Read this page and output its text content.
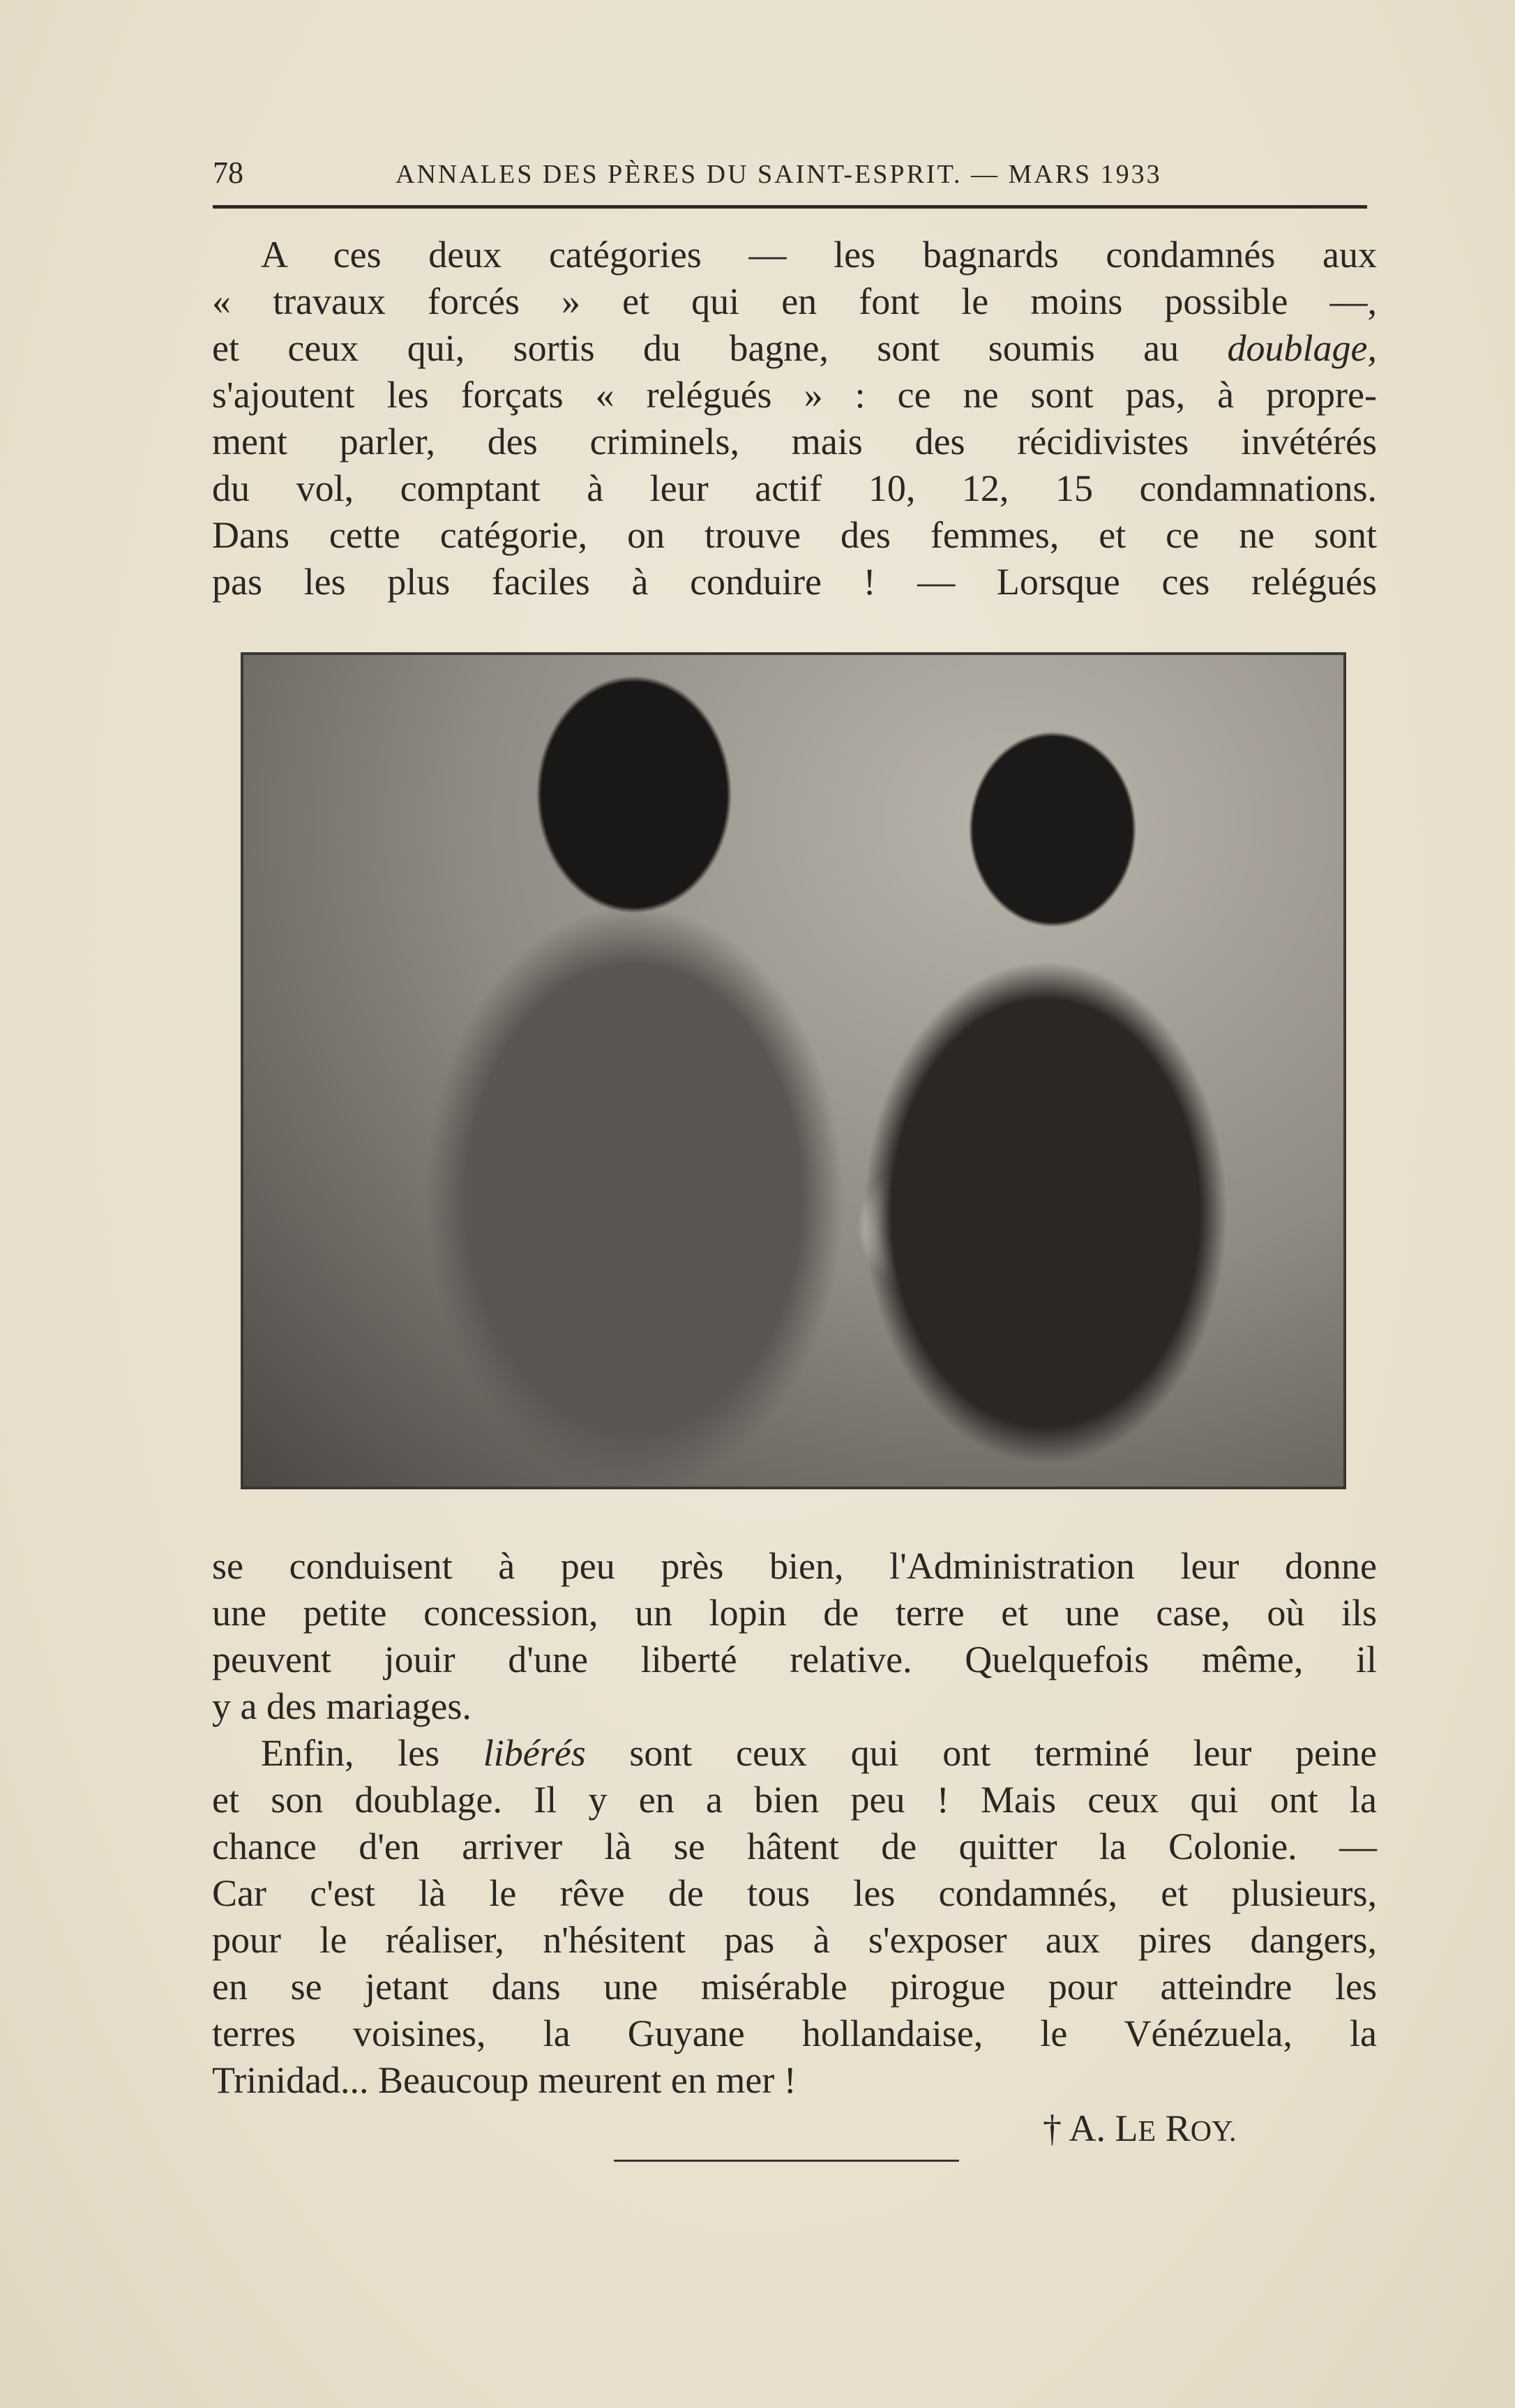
78	ANNALES DES PÈRES DU SAINT-ESPRIT. — MARS 1933
A ces deux catégories — les bagnards condamnés aux
« travaux forcés » et qui en font le moins possible —,
et ceux qui, sortis du bagne, sont soumis au doublage,
s'ajoutent les forçats « relégués » : ce ne sont pas, à propre-
ment parler, des criminels, mais des récidivistes invétérés
du vol, comptant à leur actif 10, 12, 15 condamnations.
Dans cette catégorie, on trouve des femmes, et ce ne sont
pas les plus faciles à conduire ! — Lorsque ces relégués
se conduisent à peu près bien, l'Administration leur donne
une petite concession, un lopin de terre et une case, où ils
peuvent jouir d'une liberté relative. Quelquefois même, il
y a des mariages.
Enfin, les libérés sont ceux qui ont terminé leur peine
et son doublage. Il y en a bien peu ! Mais ceux qui ont la
chance d'en arriver là se hâtent de quitter la Colonie. —
Car c'est là le rêve de tous les condamnés, et plusieurs,
pour le réaliser, n'hésitent pas à s'exposer aux pires dangers,
en se jetant dans une misérable pirogue pour atteindre les
terres voisines, la Guyane hollandaise, le Vénézuela, la
Trinidad... Beaucoup meurent en mer !
† A. LE ROY.
